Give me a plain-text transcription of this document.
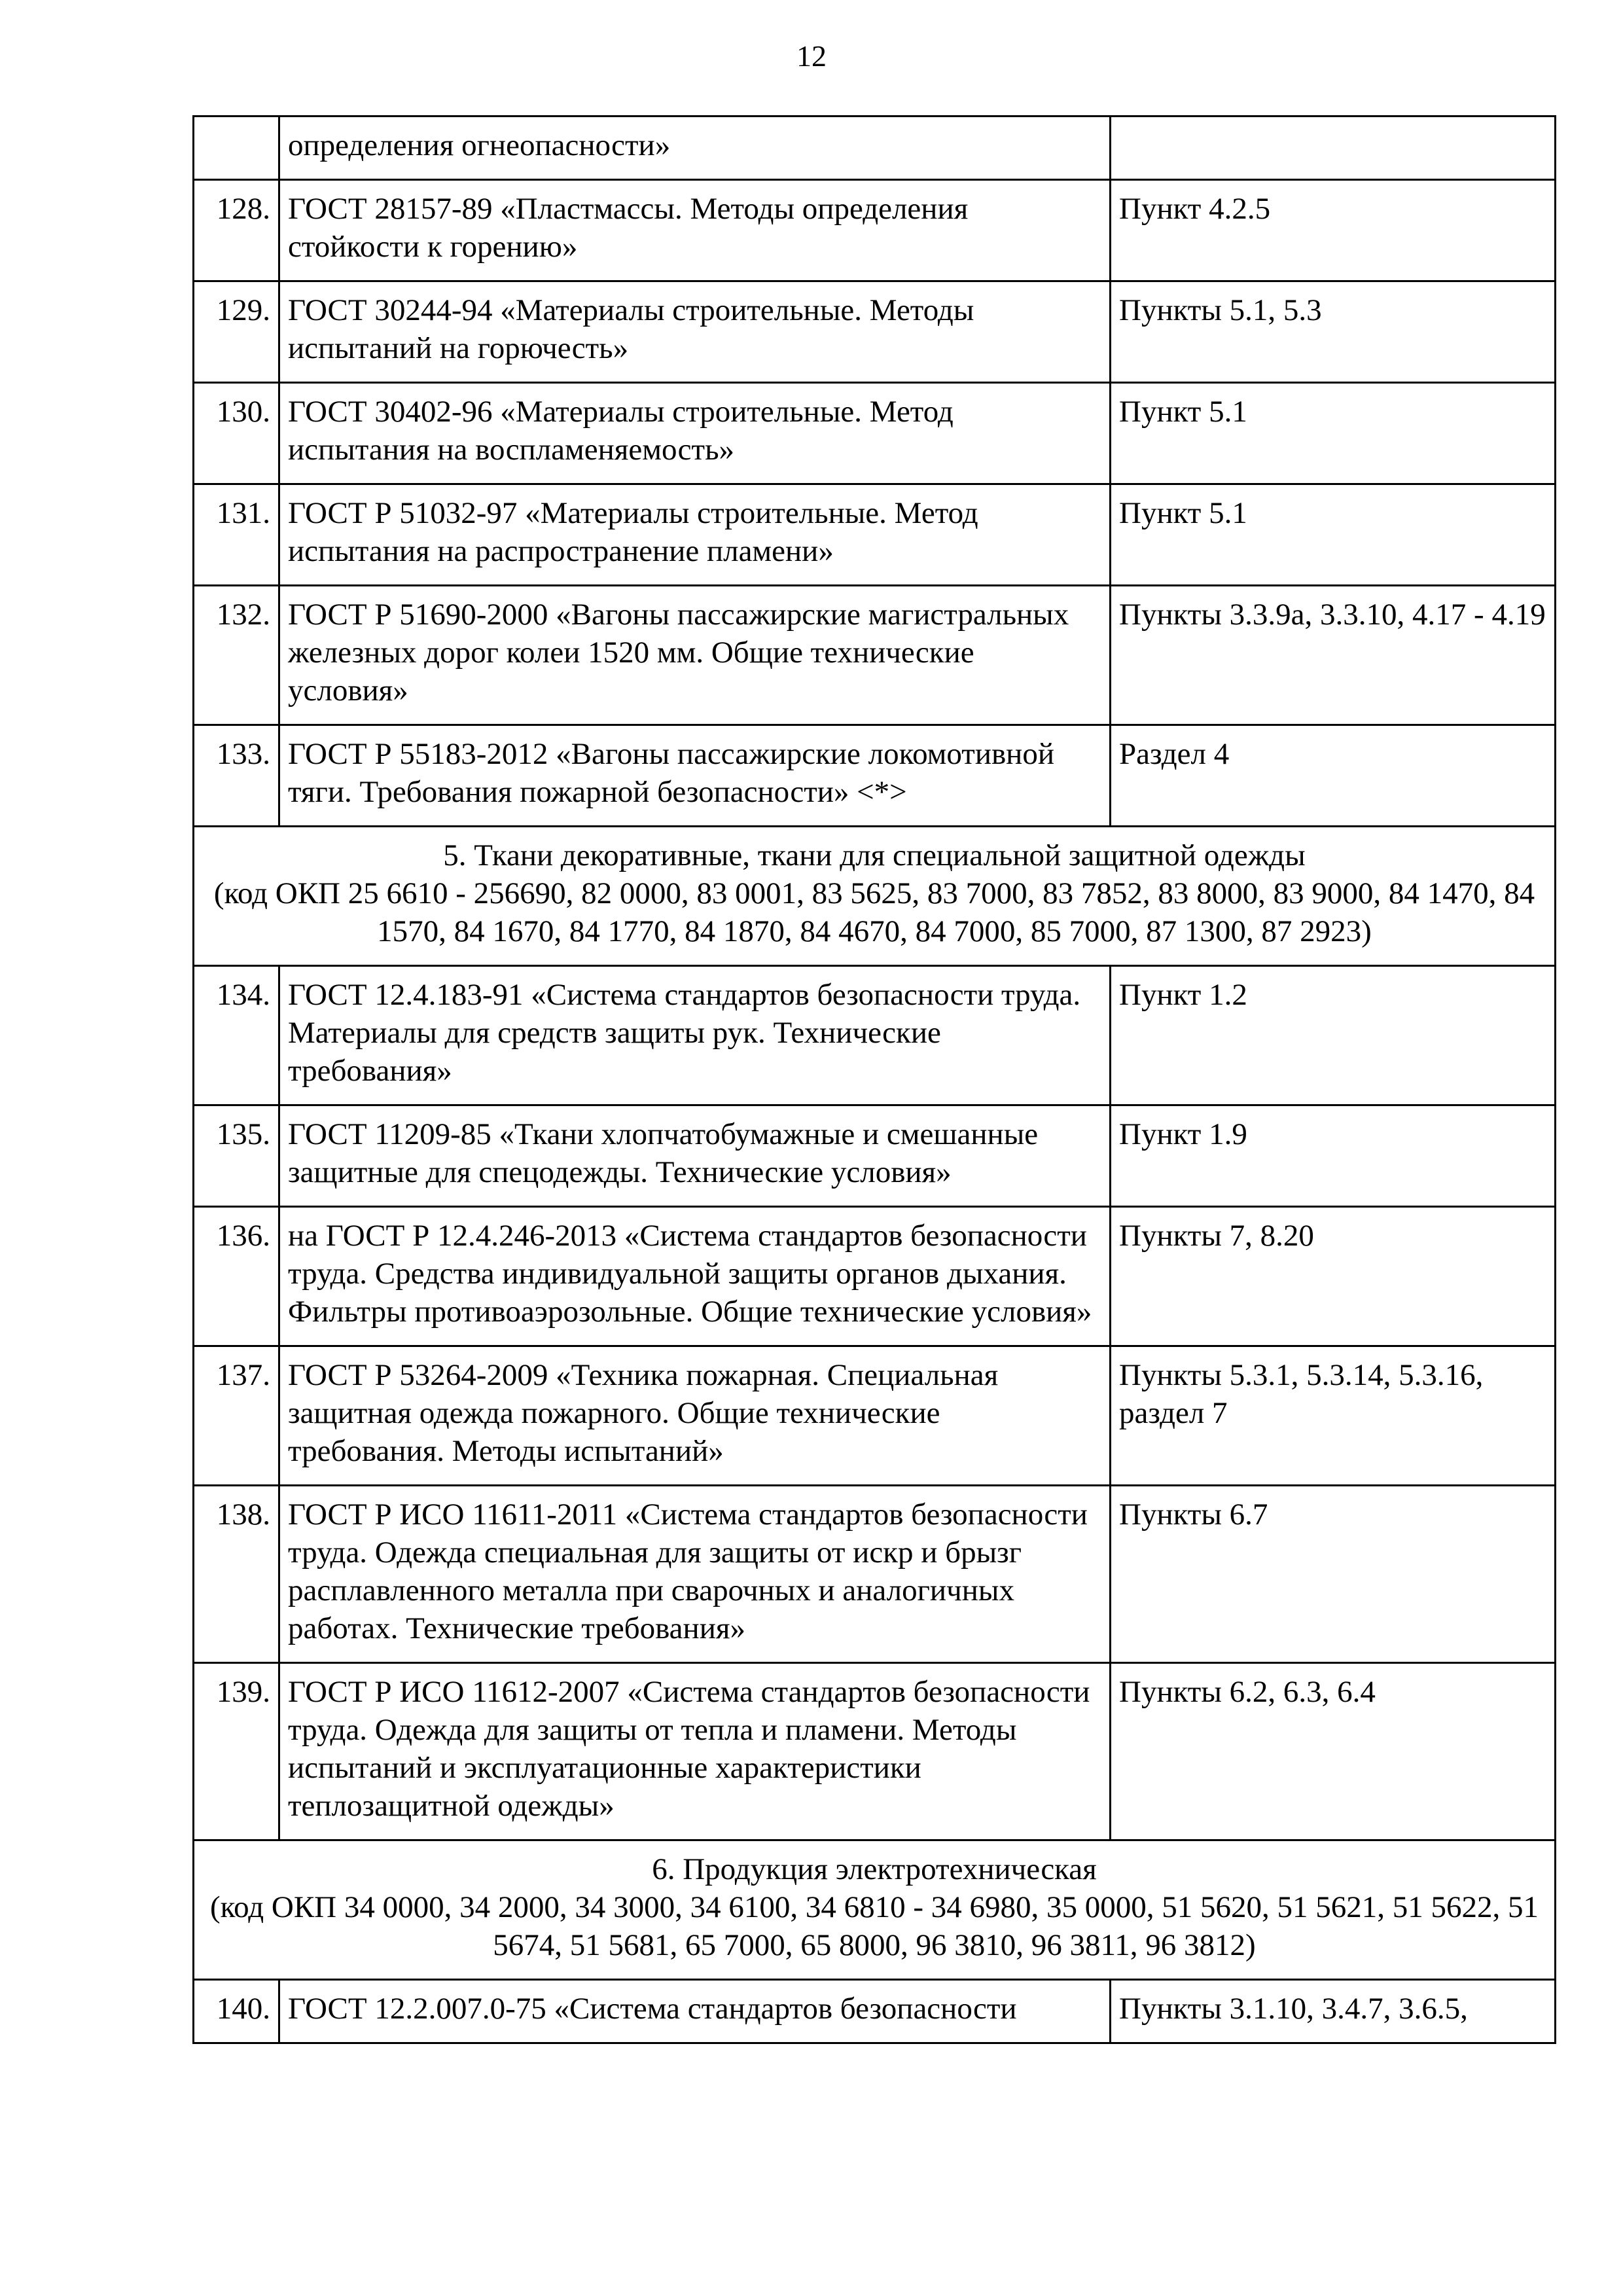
12
	определения огнеопасности»	
128.	ГОСТ 28157-89 «Пластмассы. Методы определения стойкости к горению»	Пункт 4.2.5
129.	ГОСТ 30244-94 «Материалы строительные. Методы испытаний на горючесть»	Пункты 5.1, 5.3
130.	ГОСТ 30402-96 «Материалы строительные. Метод испытания на воспламеняемость»	Пункт 5.1
131.	ГОСТ Р 51032-97 «Материалы строительные. Метод испытания на распространение пламени»	Пункт 5.1
132.	ГОСТ Р 51690-2000 «Вагоны пассажирские магистральных железных дорог колеи 1520 мм. Общие технические условия»	Пункты 3.3.9а, 3.3.10, 4.17 - 4.19
133.	ГОСТ Р 55183-2012 «Вагоны пассажирские локомотивной тяги. Требования пожарной безопасности» <*>	Раздел 4

5. Ткани декоративные, ткани для специальной защитной одежды
(код ОКП 25 6610 - 256690, 82 0000, 83 0001, 83 5625, 83 7000, 83 7852, 83 8000, 83 9000, 84 1470, 84 1570, 84 1670, 84 1770, 84 1870, 84 4670, 84 7000, 85 7000, 87 1300, 87 2923)		

134.	ГОСТ 12.4.183-91 «Система стандартов безопасности труда. Материалы для средств защиты рук. Технические требования»	Пункт 1.2
135.	ГОСТ 11209-85 «Ткани хлопчатобумажные и смешанные защитные для спецодежды. Технические условия»	Пункт 1.9
136.	на ГОСТ Р 12.4.246-2013 «Система стандартов безопасности труда. Средства индивидуальной защиты органов дыхания. Фильтры противоаэрозольные. Общие технические условия»	Пункты 7, 8.20
137.	ГОСТ Р 53264-2009 «Техника пожарная. Специальная защитная одежда пожарного. Общие технические требования. Методы испытаний»	Пункты 5.3.1, 5.3.14, 5.3.16, раздел 7
138.	ГОСТ Р ИСО 11611-2011 «Система стандартов безопасности труда. Одежда специальная для защиты от искр и брызг расплавленного металла при сварочных и аналогичных работах. Технические требования»	Пункты 6.7
139.	ГОСТ Р ИСО 11612-2007 «Система стандартов безопасности труда. Одежда для защиты от тепла и пламени. Методы испытаний и эксплуатационные характеристики теплозащитной одежды»	Пункты 6.2, 6.3, 6.4

6. Продукция электротехническая
(код ОКП 34 0000, 34 2000, 34 3000, 34 6100, 34 6810 - 34 6980, 35 0000, 51 5620, 51 5621, 51 5622, 51 5674, 51 5681, 65 7000, 65 8000, 96 3810, 96 3811, 96 3812)		

140.	ГОСТ 12.2.007.0-75 «Система стандартов безопасности	Пункты 3.1.10, 3.4.7, 3.6.5,
